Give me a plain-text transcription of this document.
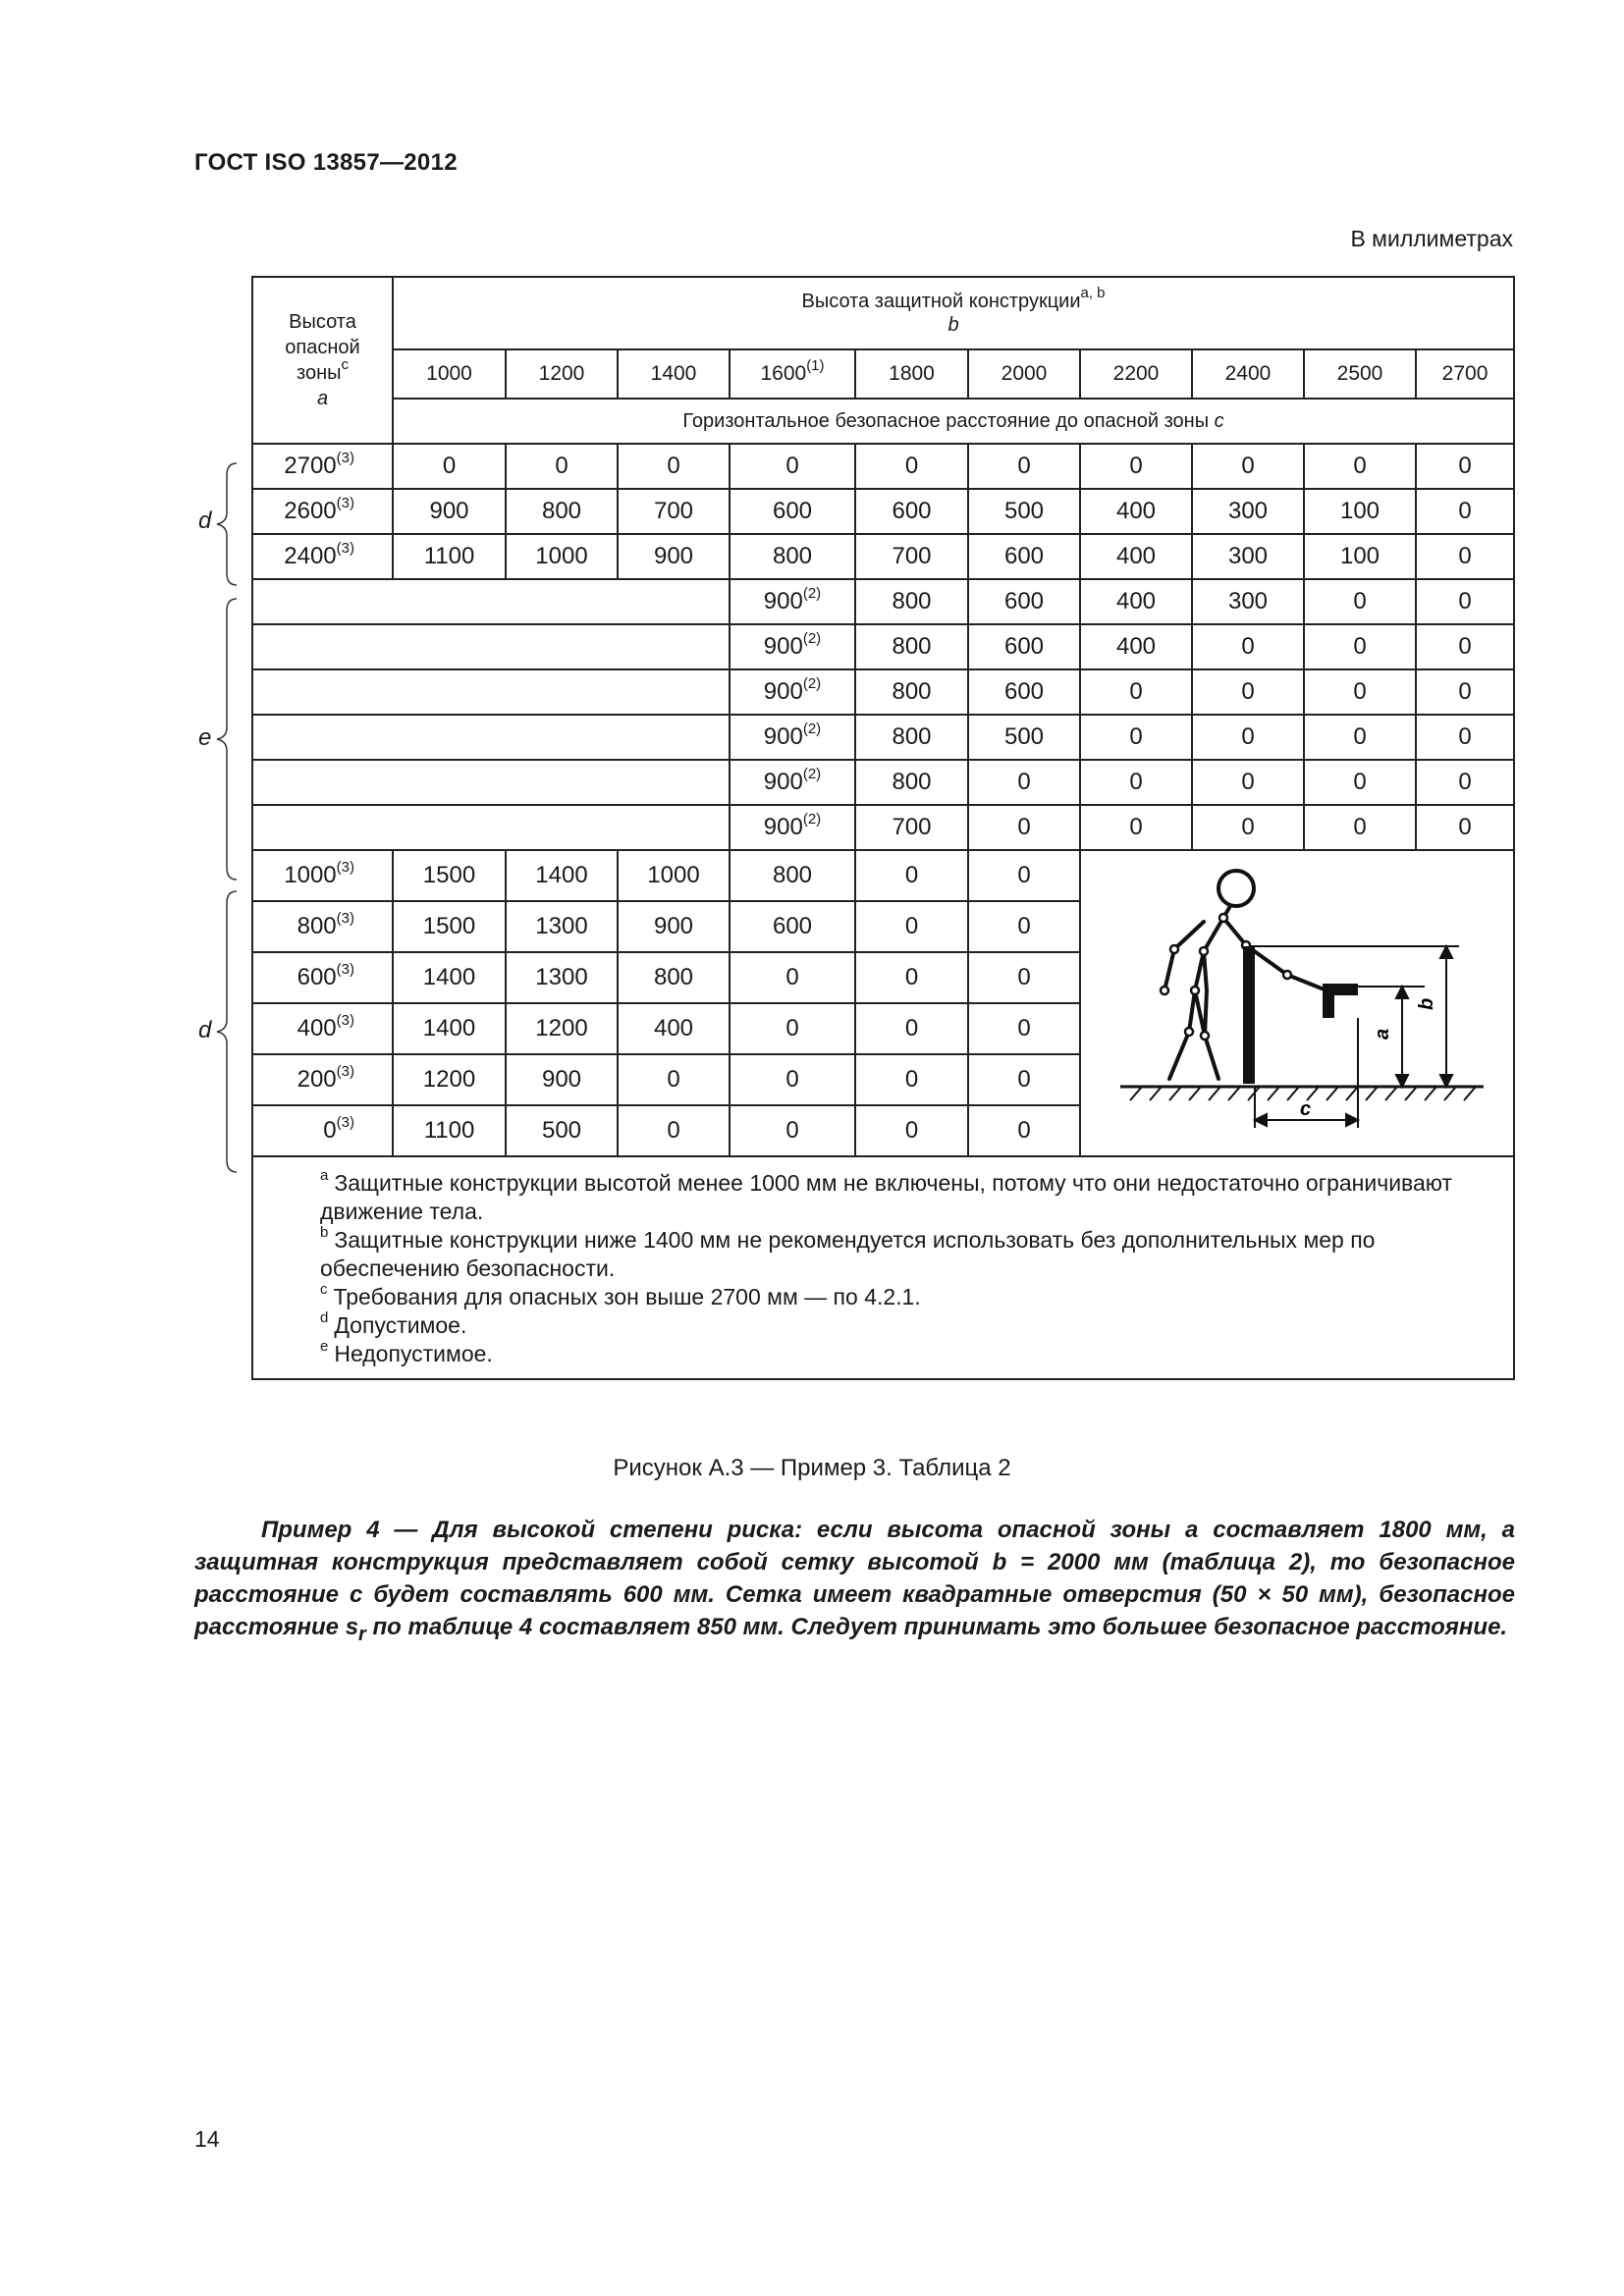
ГОСТ ISO 13857—2012
В миллиметрах
Высота
опасной
зоны$^c$
a	Высота защитной конструкции$^{a, b}$
b									
	1000	1200	1400	1600$^{(1)}$	1800	2000	2200	2400	2500	2700
	Горизонтальное безопасное расстояние до опасной зоны c									
2700$^{(3)}$	0	0	0	0	0	0	0	0	0	0
2600$^{(3)}$	900	800	700	600	600	500	400	300	100	0
2400$^{(3)}$	1100	1000	900	800	700	600	400	300	100	0
				900$^{(2)}$	800	600	400	300	0	0
				900$^{(2)}$	800	600	400	0	0	0
				900$^{(2)}$	800	600	0	0	0	0
				900$^{(2)}$	800	500	0	0	0	0
				900$^{(2)}$	800	0	0	0	0	0
				900$^{(2)}$	700	0	0	0	0	0
1000$^{(3)}$	1500	1400	1000	800	0	0	a
b
c			

800$^{(3)}$	1500	1300	900	600	0	0				
600$^{(3)}$	1400	1300	800	0	0	0				
400$^{(3)}$	1400	1200	400	0	0	0				
200$^{(3)}$	1200	900	0	0	0	0				
0$^{(3)}$	1100	500	0	0	0	0				

$^a$ Защитные конструкции высотой менее 1000 мм не включены, потому что они недостаточно ограничивают движение тела.
$^b$ Защитные конструкции ниже 1400 мм не рекомендуется использовать без дополнительных мер по обеспечению безопасности.
$^c$ Требования для опасных зон выше 2700 мм — по 4.2.1.
$^d$ Допустимое.
$^e$ Недопустимое.										
d
e
d
Рисунок А.3 — Пример 3. Таблица 2
Пример 4 — Для высокой степени риска: если высота опасной зоны a составляет 1800 мм, а защитная конструкция представляет собой сетку высотой b = 2000 мм (таблица 2), то безопасное расстояние c будет составлять 600 мм. Сетка имеет квадратные отверстия (50 × 50 мм), безопасное расстояние $s_r$ по таблице 4 составляет 850 мм. Следует принимать это большее безопасное расстояние.
14
